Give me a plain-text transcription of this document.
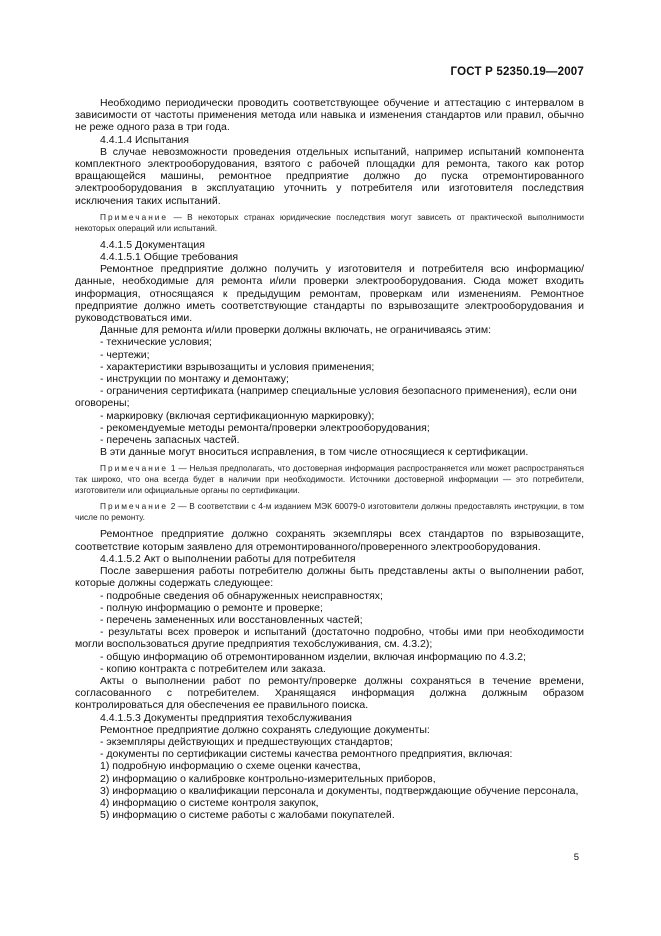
ГОСТ Р 52350.19—2007

Необходимо периодически проводить соответствующее обучение и аттестацию с интервалом в зависимости от частоты применения метода или навыка и изменения стандартов или правил, обычно не реже одного раза в три года.

4.4.1.4 Испытания

В случае невозможности проведения отдельных испытаний, например испытаний компонента комплектного электрооборудования, взятого с рабочей площадки для ремонта, такого как ротор вращающейся машины, ремонтное предприятие должно до пуска отремонтированного электрооборудования в эксплуатацию уточнить у потребителя или изготовителя последствия исключения таких испытаний.

Примечание — В некоторых странах юридические последствия могут зависеть от практической выполнимости некоторых операций или испытаний.

4.4.1.5 Документация

4.4.1.5.1 Общие требования

Ремонтное предприятие должно получить у изготовителя и потребителя всю информацию/данные, необходимые для ремонта и/или проверки электрооборудования. Сюда может входить информация, относящаяся к предыдущим ремонтам, проверкам или изменениям. Ремонтное предприятие должно иметь соответствующие стандарты по взрывозащите электрооборудования и руководствоваться ими.

Данные для ремонта и/или проверки должны включать, не ограничиваясь этим:

- технические условия;

- чертежи;

- характеристики взрывозащиты и условия применения;

- инструкции по монтажу и демонтажу;

- ограничения сертификата (например специальные условия безопасного применения), если они оговорены;

- маркировку (включая сертификационную маркировку);

- рекомендуемые методы ремонта/проверки электрооборудования;

- перечень запасных частей.

В эти данные могут вноситься исправления, в том числе относящиеся к сертификации.

Примечание 1 — Нельзя предполагать, что достоверная информация распространяется или может распространяться так широко, что она всегда будет в наличии при необходимости. Источники достоверной информации — это потребители, изготовители или официальные органы по сертификации.

Примечание 2 — В соответствии с 4-м изданием МЭК 60079-0 изготовители должны предоставлять инструкции, в том числе по ремонту.

Ремонтное предприятие должно сохранять экземпляры всех стандартов по взрывозащите, соответствие которым заявлено для отремонтированного/проверенного электрооборудования.

4.4.1.5.2 Акт о выполнении работы для потребителя

После завершения работы потребителю должны быть представлены акты о выполнении работ, которые должны содержать следующее:

- подробные сведения об обнаруженных неисправностях;

- полную информацию о ремонте и проверке;

- перечень замененных или восстановленных частей;

- результаты всех проверок и испытаний (достаточно подробно, чтобы ими при необходимости могли воспользоваться другие предприятия техобслуживания, см. 4.3.2);

- общую информацию об отремонтированном изделии, включая информацию по 4.3.2;

- копию контракта с потребителем или заказа.

Акты о выполнении работ по ремонту/проверке должны сохраняться в течение времени, согласованного с потребителем. Хранящаяся информация должна должным образом контролироваться для обеспечения ее правильного поиска.

4.4.1.5.3 Документы предприятия техобслуживания

Ремонтное предприятие должно сохранять следующие документы:

- экземпляры действующих и предшествующих стандартов;

- документы по сертификации системы качества ремонтного предприятия, включая:

1) подробную информацию о схеме оценки качества,

2) информацию о калибровке контрольно-измерительных приборов,

3) информацию о квалификации персонала и документы, подтверждающие обучение персонала,

4) информацию о системе контроля закупок,

5) информацию о системе работы с жалобами покупателей.

5
